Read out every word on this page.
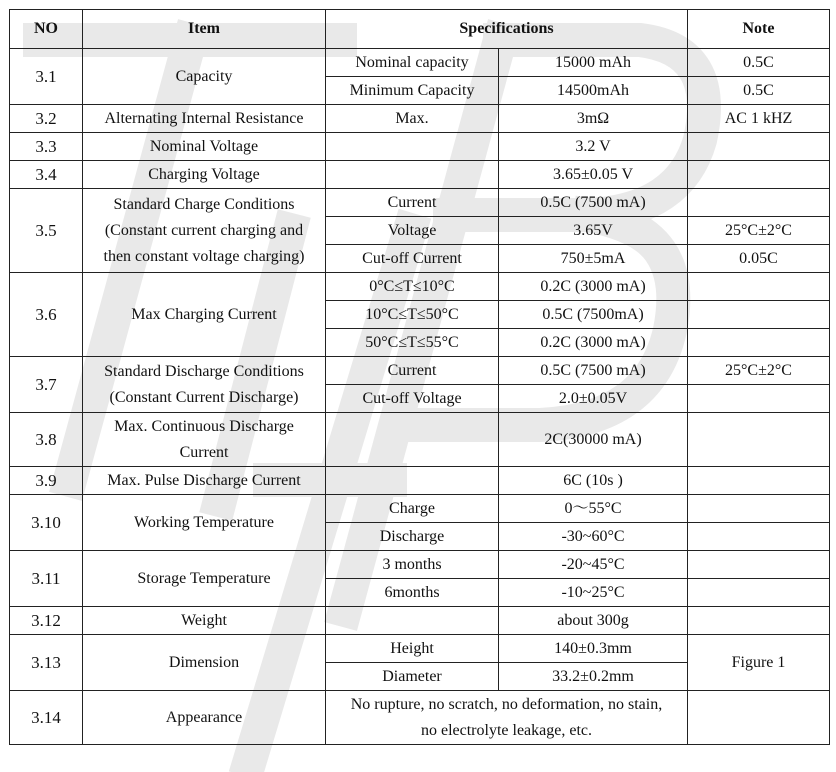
NO	Item	Specifications		Note
3.1	Capacity	Nominal capacity	15000 mAh	0.5C
		Minimum Capacity	14500mAh	0.5C
3.2	Alternating Internal Resistance	Max.	3mΩ	AC 1 kHZ
3.3	Nominal Voltage		3.2 V	
3.4	Charging Voltage		3.65±0.05 V	
3.5	Standard Charge Conditions
(Constant current charging and
then constant voltage charging)	Current	0.5C (7500 mA)	
		Voltage	3.65V	25°C±2°C
		Cut-off Current	750±5mA	0.05C
3.6	Max Charging Current	0°C≤T≤10°C	0.2C (3000 mA)	
		10°C≤T≤50°C	0.5C (7500mA)	
		50°C≤T≤55°C	0.2C (3000 mA)	
3.7	Standard Discharge Conditions
(Constant Current Discharge)	Current	0.5C (7500 mA)	25°C±2°C
		Cut-off Voltage	2.0±0.05V	
3.8	Max. Continuous Discharge
Current		2C(30000 mA)	
3.9	Max. Pulse Discharge Current		6C (10s )	
3.10	Working Temperature	Charge	0～55°C	
		Discharge	-30~60°C	
3.11	Storage Temperature	3 months	-20~45°C	
		6months	-10~25°C	
3.12	Weight		about 300g	
3.13	Dimension	Height	140±0.3mm	Figure 1
		Diameter	33.2±0.2mm	
3.14	Appearance	No rupture, no scratch, no deformation, no stain,
no electrolyte leakage, etc.		
